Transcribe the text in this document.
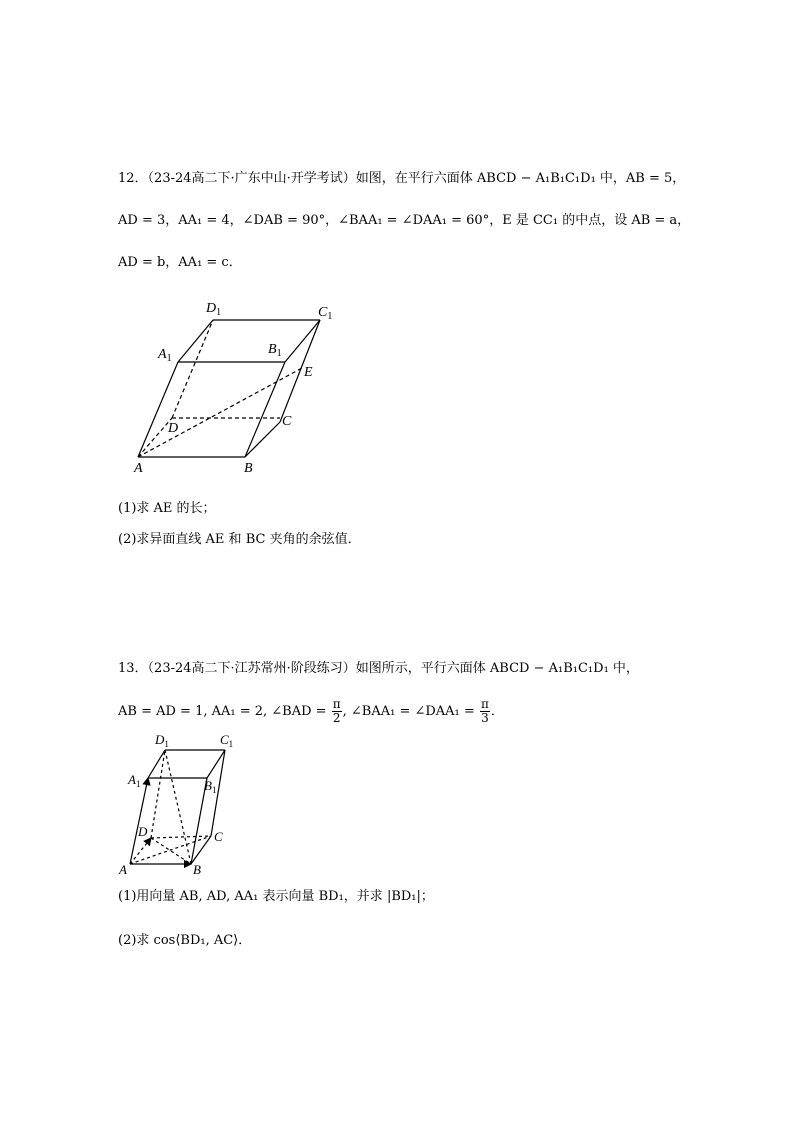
12．（23-24高二下·广东中山·开学考试）如图，在平行六面体 ABCD − A₁B₁C₁D₁ 中，AB = 5，
AD = 3，AA₁ = 4，∠DAB = 90°，∠BAA₁ = ∠DAA₁ = 60°，E 是 CC₁ 的中点，设 AB = a，
AD = b，AA₁ = c．
$D_1$	$C_1$
$A_1$
$B_1$
E
D	C
A	B
(1)求 AE 的长；
(2)求异面直线 AE 和 BC 夹角的余弦值．
13．（23-24高二下·江苏常州·阶段练习）如图所示，平行六面体 ABCD − A₁B₁C₁D₁ 中，
AB = AD = 1, AA₁ = 2, ∠BAD = $\frac{\pi}{2}$ , ∠BAA₁ = ∠DAA₁ = $\frac{\pi}{3}$ ．
$D_1$	$C_1$
$A_1$	$B_1$
D	C
A	B
(1)用向量 AB, AD, AA₁ 表示向量 BD₁，并求 |BD₁|；
(2)求 cos⟨BD₁, AC⟩．
